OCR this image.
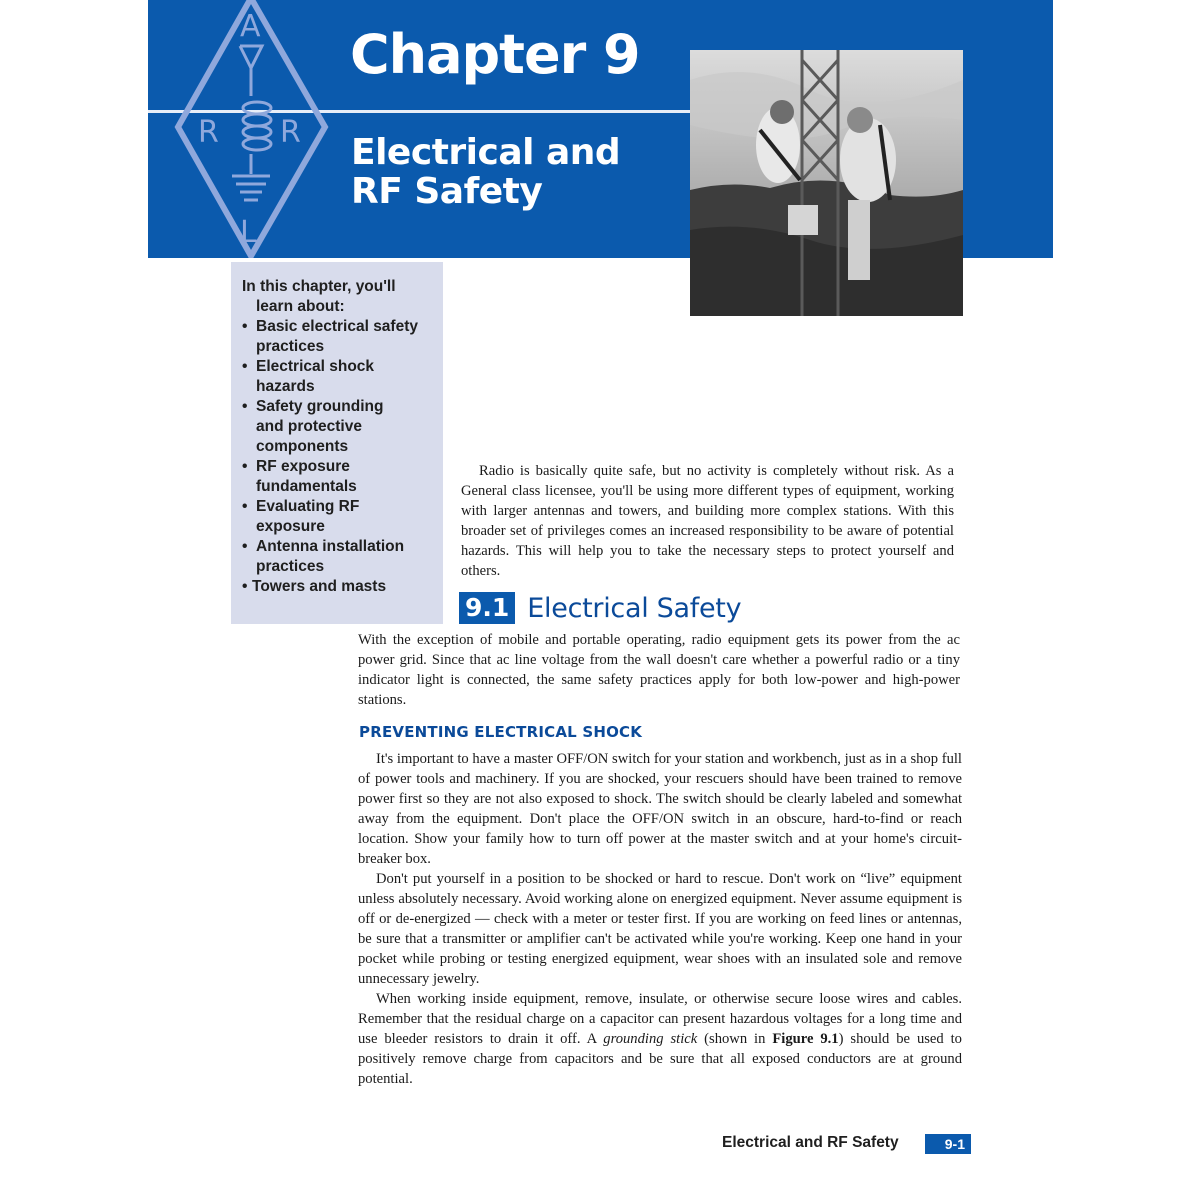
A
R R
L
Chapter 9
Electrical and
RF Safety
In this chapter, you'll
learn about:
• Basic electrical safety
practices
• Electrical shock
hazards
• Safety grounding
and protective
components
• RF exposure
fundamentals
• Evaluating RF
exposure
• Antenna installation
practices
• Towers and masts

Radio is basically quite safe, but no activity is completely without risk. As a General class licensee, you'll be using more different types of equipment, working with larger antennas and towers, and building more complex stations. With this broader set of privileges comes an increased responsibility to be aware of potential hazards. This will help you to take the necessary steps to protect yourself and others.

9.1 Electrical Safety

With the exception of mobile and portable operating, radio equipment gets its power from the ac power grid. Since that ac line voltage from the wall doesn't care whether a powerful radio or a tiny indicator light is connected, the same safety practices apply for both low-power and high-power stations.

PREVENTING ELECTRICAL SHOCK

It's important to have a master OFF/ON switch for your station and workbench, just as in a shop full of power tools and machinery. If you are shocked, your rescuers should have been trained to remove power first so they are not also exposed to shock. The switch should be clearly labeled and somewhat away from the equipment. Don't place the OFF/ON switch in an obscure, hard-to-find or reach location. Show your family how to turn off power at the master switch and at your home's circuit-breaker box.

Don't put yourself in a position to be shocked or hard to rescue. Don't work on “live” equipment unless absolutely necessary. Avoid working alone on energized equipment. Never assume equipment is off or de-energized — check with a meter or tester first. If you are working on feed lines or antennas, be sure that a transmitter or amplifier can't be activated while you're working. Keep one hand in your pocket while probing or testing energized equipment, wear shoes with an insulated sole and remove unnecessary jewelry.

When working inside equipment, remove, insulate, or otherwise secure loose wires and cables. Remember that the residual charge on a capacitor can present hazardous voltages for a long time and use bleeder resistors to drain it off. A grounding stick (shown in Figure 9.1) should be used to positively remove charge from capacitors and be sure that all exposed conductors are at ground potential.

Electrical and RF Safety	9-1
